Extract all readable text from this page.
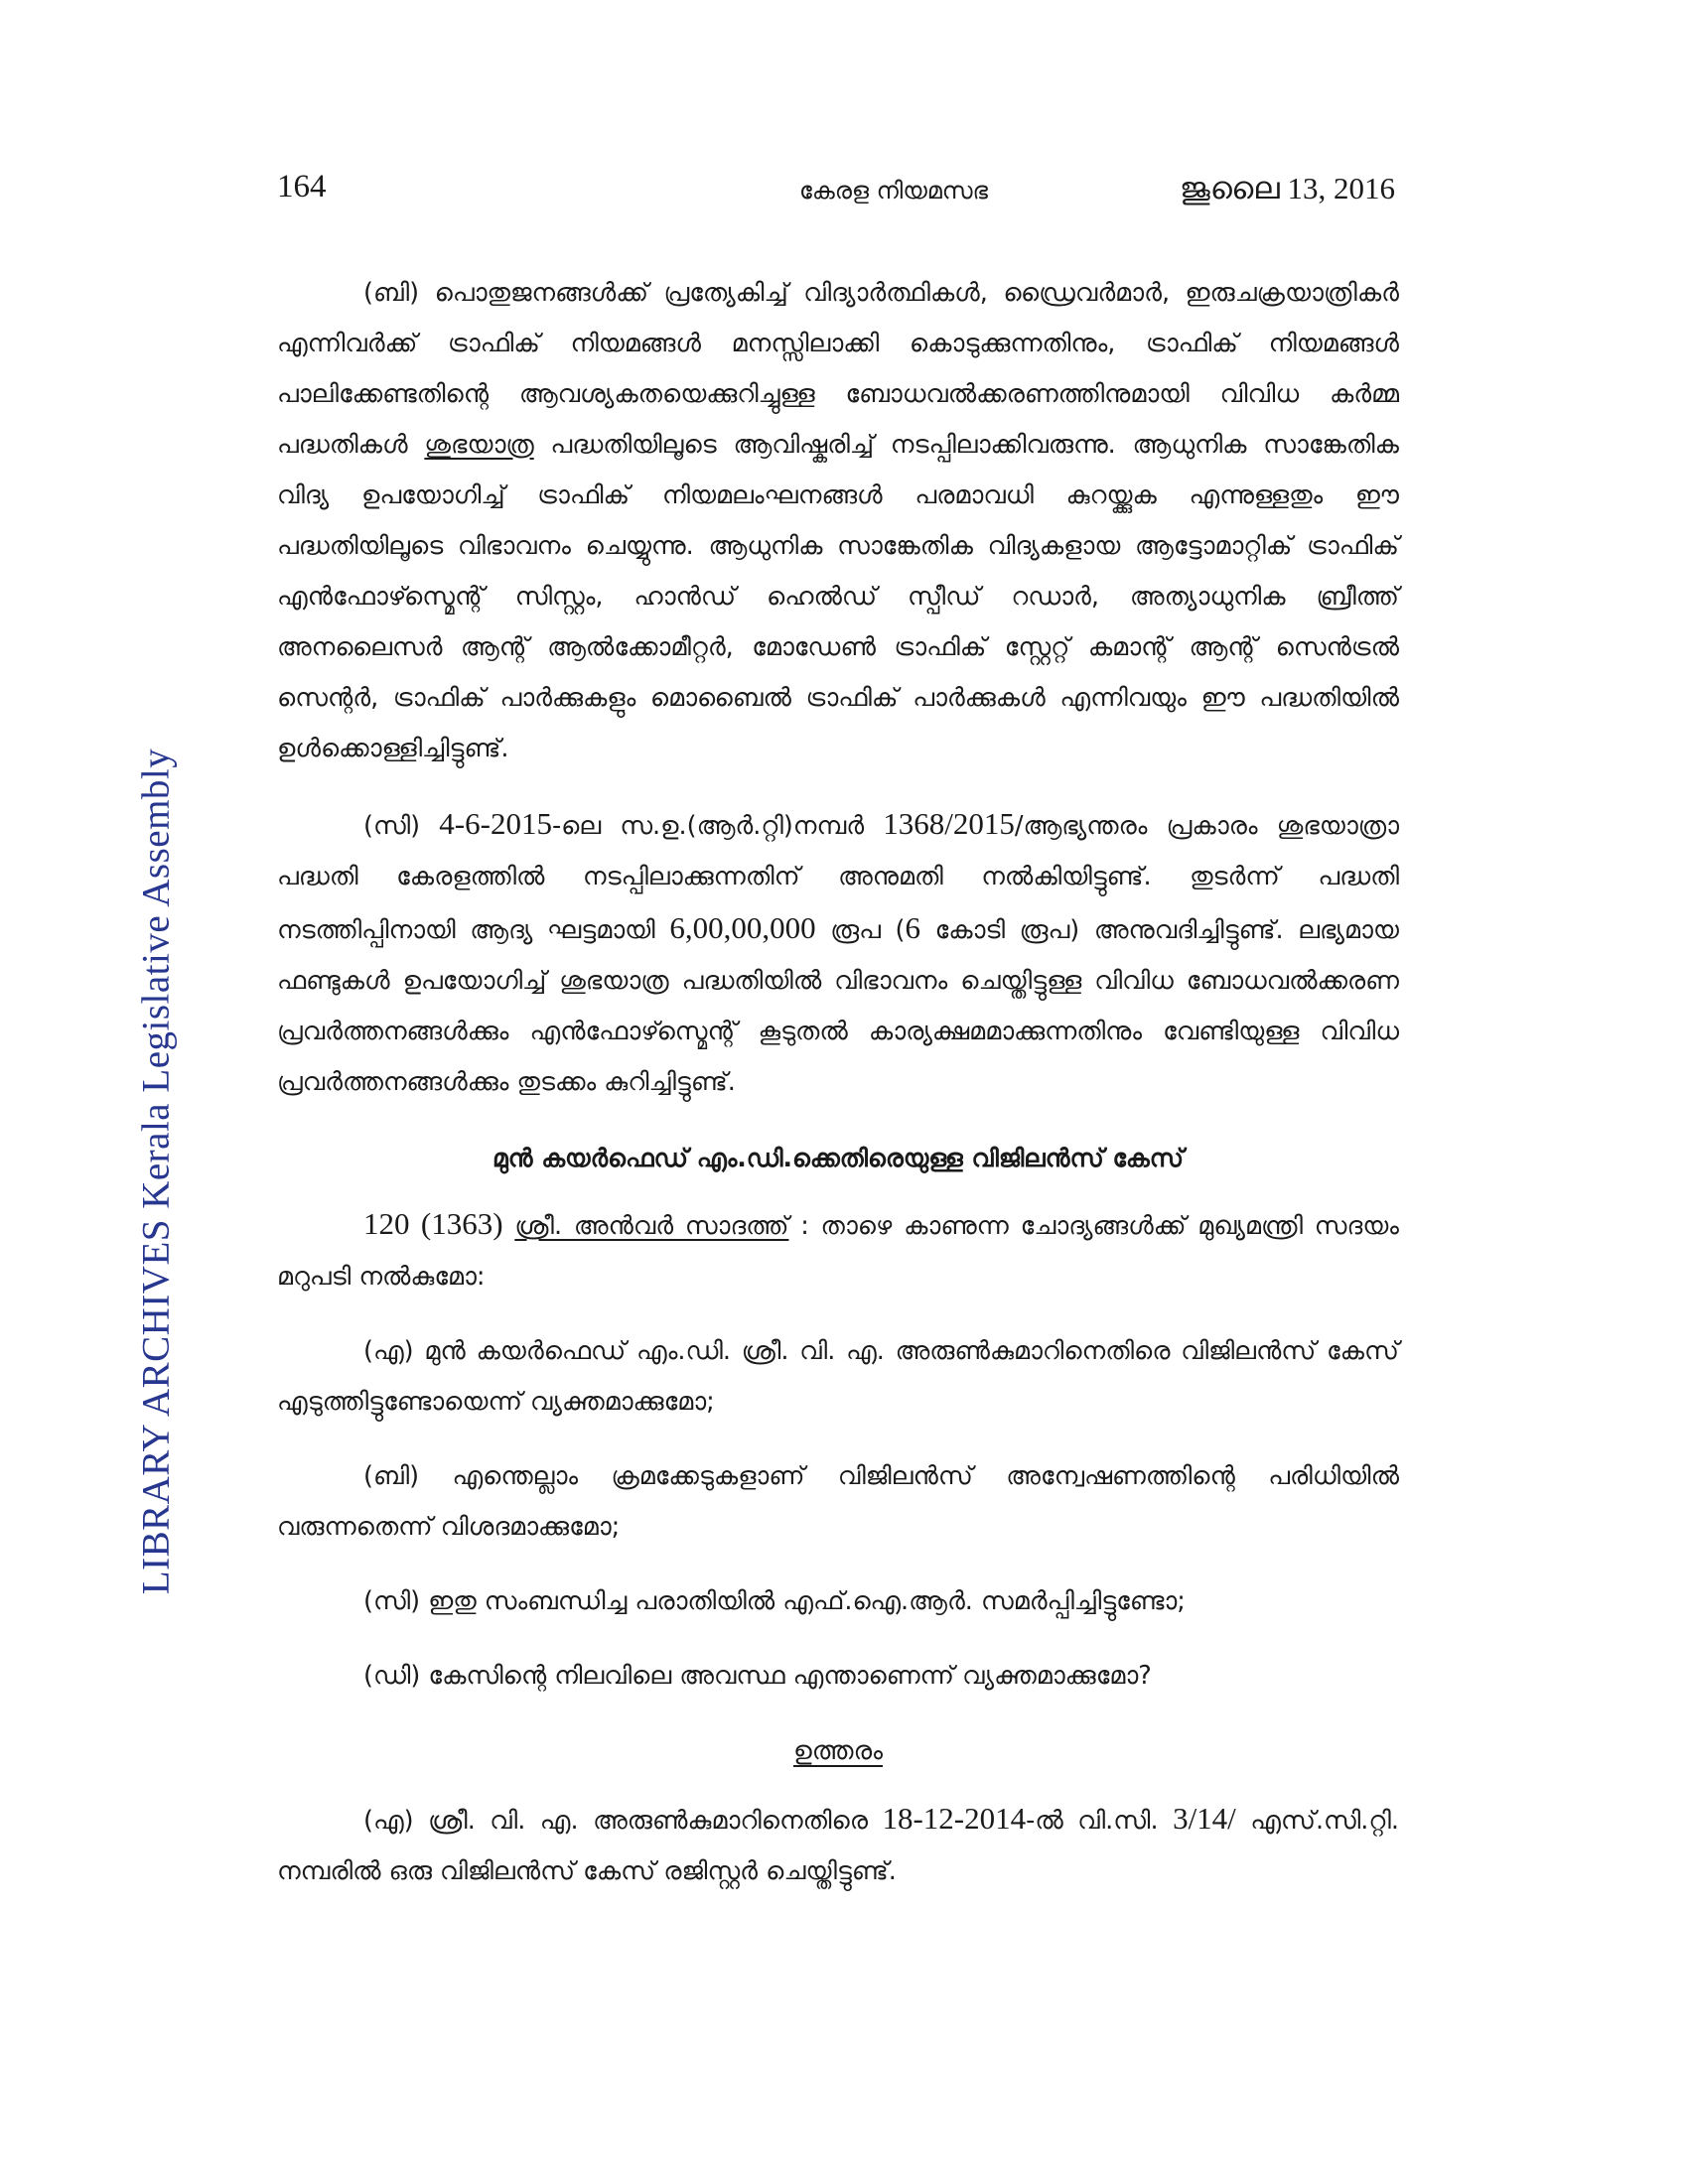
164	കേരള നിയമസഭ	ജൂലൈ 13, 2016
LIBRARY ARCHIVES Kerala Legislative Assembly

(ബി) പൊതുജനങ്ങൾക്ക് പ്രത്യേകിച്ച് വിദ്യാർത്ഥികൾ, ഡ്രൈവർമാർ, ഇരുചക്രയാത്രികർ എന്നിവർക്ക് ട്രാഫിക് നിയമങ്ങൾ മനസ്സിലാക്കി കൊടുക്കുന്നതിനും, ട്രാഫിക് നിയമങ്ങൾ പാലിക്കേണ്ടതിന്റെ ആവശ്യകതയെക്കുറിച്ചുള്ള ബോധവൽക്കരണത്തിനുമായി വിവിധ കർമ്മ പദ്ധതികൾ ശുഭയാത്ര പദ്ധതിയിലൂടെ ആവിഷ്കരിച്ച് നടപ്പിലാക്കിവരുന്നു. ആധുനിക സാങ്കേതിക വിദ്യ ഉപയോഗിച്ച് ട്രാഫിക് നിയമലംഘനങ്ങൾ പരമാവധി കുറയ്ക്കുക എന്നുള്ളതും ഈ പദ്ധതിയിലൂടെ വിഭാവനം ചെയ്യുന്നു. ആധുനിക സാങ്കേതിക വിദ്യകളായ ആട്ടോമാറ്റിക് ട്രാഫിക് എൻഫോഴ്സ്മെന്റ് സിസ്റ്റം, ഹാൻഡ് ഹെൽഡ് സ്പീഡ് റഡാർ, അത്യാധുനിക ബ്രീത്ത് അനലൈസർ ആന്റ് ആൽക്കോമീറ്റർ, മോഡേൺ ട്രാഫിക് സ്റ്റേറ്റ് കമാന്റ് ആന്റ് സെൻട്രൽ സെന്റർ, ട്രാഫിക് പാർക്കുകളും മൊബൈൽ ട്രാഫിക് പാർക്കുകൾ എന്നിവയും ഈ പദ്ധതിയിൽ ഉൾക്കൊള്ളിച്ചിട്ടുണ്ട്.

(സി) 4-6-2015-ലെ സ.ഉ.(ആർ.റ്റി)നമ്പർ 1368/2015/ആഭ്യന്തരം പ്രകാരം ശുഭയാത്രാ പദ്ധതി കേരളത്തിൽ നടപ്പിലാക്കുന്നതിന് അനുമതി നൽകിയിട്ടുണ്ട്. തുടർന്ന് പദ്ധതി നടത്തിപ്പിനായി ആദ്യ ഘട്ടമായി 6,00,00,000 രൂപ (6 കോടി രൂപ) അനുവദിച്ചിട്ടുണ്ട്. ലഭ്യമായ ഫണ്ടുകൾ ഉപയോഗിച്ച് ശുഭയാത്ര പദ്ധതിയിൽ വിഭാവനം ചെയ്തിട്ടുള്ള വിവിധ ബോധവൽക്കരണ പ്രവർത്തനങ്ങൾക്കും എൻഫോഴ്സ്മെന്റ് കൂടുതൽ കാര്യക്ഷമമാക്കുന്നതിനും വേണ്ടിയുള്ള വിവിധ പ്രവർത്തനങ്ങൾക്കും തുടക്കം കുറിച്ചിട്ടുണ്ട്.

മുൻ കയർഫെഡ് എം.ഡി.ക്കെതിരെയുള്ള വിജിലൻസ് കേസ്

120 (1363) ശ്രീ. അൻവർ സാദത്ത് : താഴെ കാണുന്ന ചോദ്യങ്ങൾക്ക് മുഖ്യമന്ത്രി സദയം മറുപടി നൽകുമോ:

(എ) മുൻ കയർഫെഡ് എം.ഡി. ശ്രീ. വി. എ. അരുൺകുമാറിനെതിരെ വിജിലൻസ് കേസ് എടുത്തിട്ടുണ്ടോയെന്ന് വ്യക്തമാക്കുമോ;

(ബി) എന്തെല്ലാം ക്രമക്കേടുകളാണ് വിജിലൻസ് അന്വേഷണത്തിന്റെ പരിധിയിൽ വരുന്നതെന്ന് വിശദമാക്കുമോ;

(സി) ഇതു സംബന്ധിച്ച പരാതിയിൽ എഫ്.ഐ.ആർ. സമർപ്പിച്ചിട്ടുണ്ടോ;

(ഡി) കേസിന്റെ നിലവിലെ അവസ്ഥ എന്താണെന്ന് വ്യക്തമാക്കുമോ?

ഉത്തരം

(എ) ശ്രീ. വി. എ. അരുൺകുമാറിനെതിരെ 18-12-2014-ൽ വി.സി. 3/14/ എസ്.സി.റ്റി. നമ്പരിൽ ഒരു വിജിലൻസ് കേസ് രജിസ്റ്റർ ചെയ്തിട്ടുണ്ട്.
